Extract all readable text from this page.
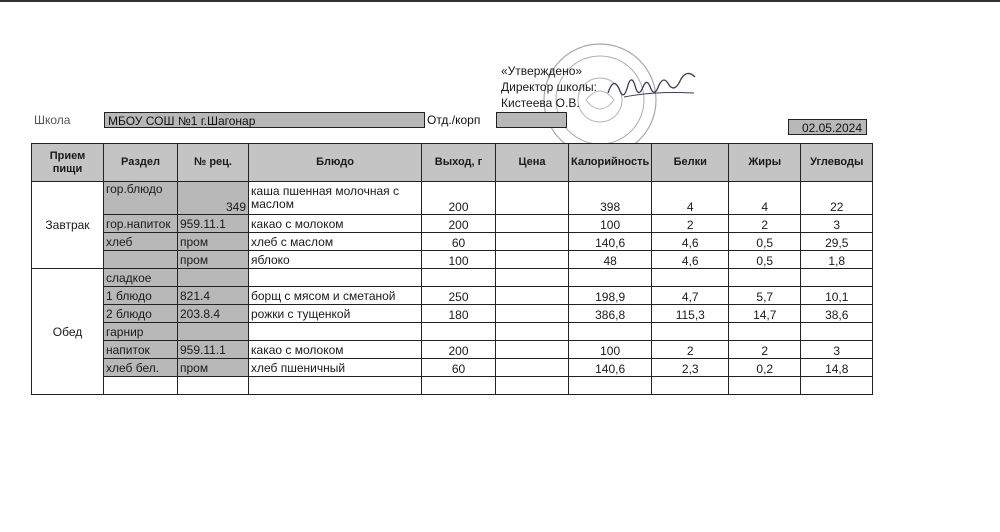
«Утверждено»
Директор школы:
Кистеева О.В.
Школа	МБОУ СОШ №1 г.Шагонар	Отд./корп
02.05.2024
Прием пищи	Раздел	№ рец.	Блюдо	Выход, г	Цена	Калорийность	Белки	Жиры	Углеводы
Завтрак	гор.блюдо	349	каша пшенная молочная с маслом	200		398	4	4	22
	гор.напиток	959.11.1	какао с молоком	200		100	2	2	3
	хлеб	пром	хлеб с маслом	60		140,6	4,6	0,5	29,5
		пром	яблоко	100		48	4,6	0,5	1,8
Обед	сладкое								
	1 блюдо	821.4	борщ с мясом и сметаной	250		198,9	4,7	5,7	10,1
	2 блюдо	203.8.4	рожки с тущенкой	180		386,8	115,3	14,7	38,6
	гарнир								
	напиток	959.11.1	какао с молоком	200		100	2	2	3
	хлеб бел.	пром	хлеб пшеничный	60		140,6	2,3	0,2	14,8
